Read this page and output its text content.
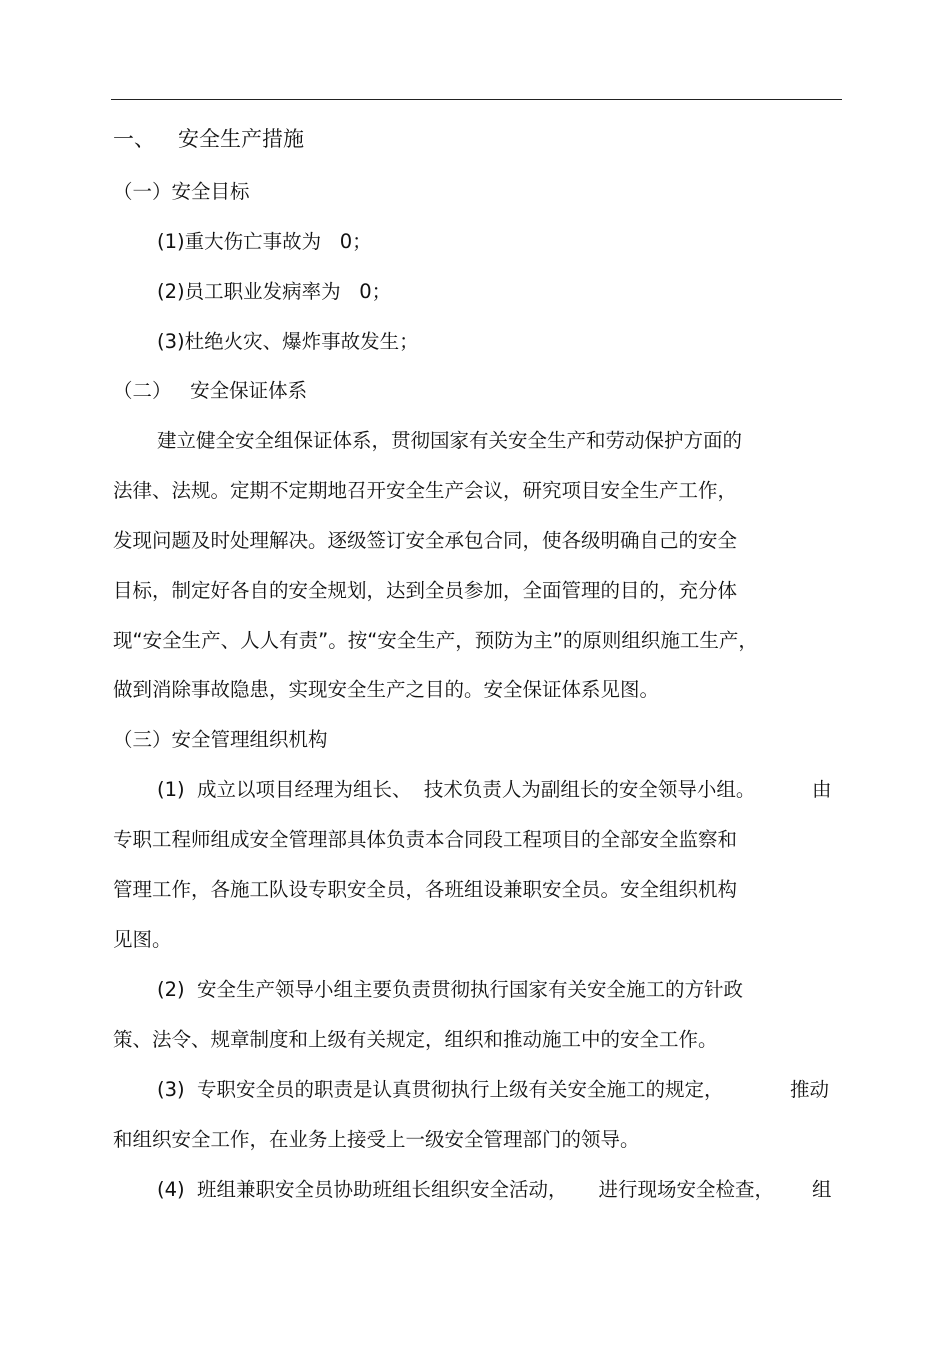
一、 安全生产措施
（一）安全目标
(1)重大伤亡事故为   0；
(2)员工职业发病率为   0；
(3)杜绝火灾、爆炸事故发生；
（二）   安全保证体系
建立健全安全组保证体系，贯彻国家有关安全生产和劳动保护方面的
法律、法规。定期不定期地召开安全生产会议，研究项目安全生产工作，
发现问题及时处理解决。逐级签订安全承包合同，使各级明确自己的安全
目标，制定好各自的安全规划，达到全员参加，全面管理的目的，充分体
现“安全生产、人人有责”。按“安全生产，预防为主”的原则组织施工生产，
做到消除事故隐患，实现安全生产之目的。安全保证体系见图。
（三）安全管理组织机构
(1)  成立以项目经理为组长、  技术负责人为副组长的安全领导小组。	由
专职工程师组成安全管理部具体负责本合同段工程项目的全部安全监察和
管理工作，各施工队设专职安全员，各班组设兼职安全员。安全组织机构
见图。
(2)  安全生产领导小组主要负责贯彻执行国家有关安全施工的方针政
策、法令、规章制度和上级有关规定，组织和推动施工中的安全工作。
(3)  专职安全员的职责是认真贯彻执行上级有关安全施工的规定，	推动
和组织安全工作，在业务上接受上一级安全管理部门的领导。
(4)  班组兼职安全员协助班组长组织安全活动，     进行现场安全检查， 组
